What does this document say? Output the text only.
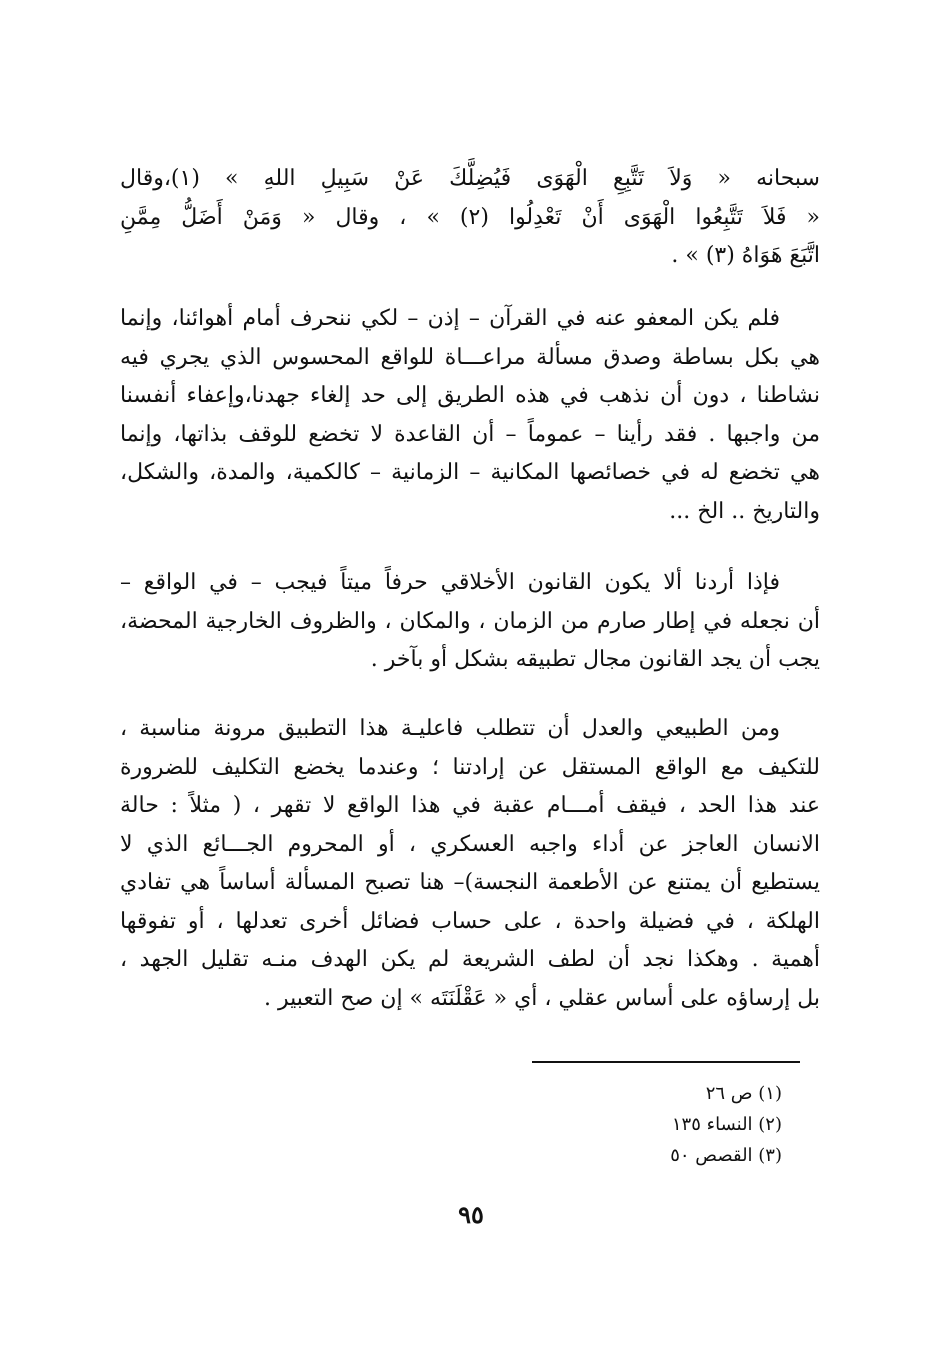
سبحانه « وَلاَ تَتَّبِعِ الْهَوَى فَيُضِلَّكَ عَنْ سَبِيلِ اللهِ » (١)،وقال
« فَلاَ تَتَّبِعُوا الْهَوَى أَنْ تَعْدِلُوا (٢) » ، وقال « وَمَنْ أَضَلُّ مِمَّنِ
اتَّبَعَ هَوَاهُ (٣) » .
فلم يكن المعفو عنه في القرآن – إذن – لكي ننحرف أمام أهوائنا، وإنما
هي بكل بساطة وصدق مسألة مراعـــاة للواقع المحسوس الذي يجري فيه
نشاطنا ، دون أن نذهب في هذه الطريق إلى حد إلغاء جهدنا،وإعفاء أنفسنا
من واجبها . فقد رأينا – عموماً – أن القاعدة لا تخضع للوقف بذاتها، وإنما
هي تخضع له في خصائصها المكانية – الزمانية – كالكمية، والمدة، والشكل،
والتاريخ .. الخ ...
فإذا أردنا ألا يكون القانون الأخلاقي حرفاً ميتاً فيجب – في الواقع –
أن نجعله في إطار صارم من الزمان ، والمكان ، والظروف الخارجية المحضة،
يجب أن يجد القانون مجال تطبيقه بشكل أو بآخر .
ومن الطبيعي والعدل أن تتطلب فاعليـة هذا التطبيق مرونة مناسبة ،
للتكيف مع الواقع المستقل عن إرادتنا ؛ وعندما يخضع التكليف للضرورة
عند هذا الحد ، فيقف أمـــام عقبة في هذا الواقع لا تقهر ، ( مثلاً : حالة
الانسان العاجز عن أداء واجبه العسكري ، أو المحروم الجـــائع الذي لا
يستطيع أن يمتنع عن الأطعمة النجسة)– هنا تصبح المسألة أساساً هي تفادي
الهلكة ، في فضيلة واحدة ، على حساب فضائل أخرى تعدلها ، أو تفوقها
أهمية . وهكذا نجد أن لطف الشريعة لم يكن الهدف منـه تقليل الجهد ،
بل إرساؤه على أساس عقلي ، أي « عَقْلَنَتَه » إن صح التعبير .
(١) ص ٢٦
(٢) النساء ١٣٥
(٣) القصص ٥٠
٩٥
